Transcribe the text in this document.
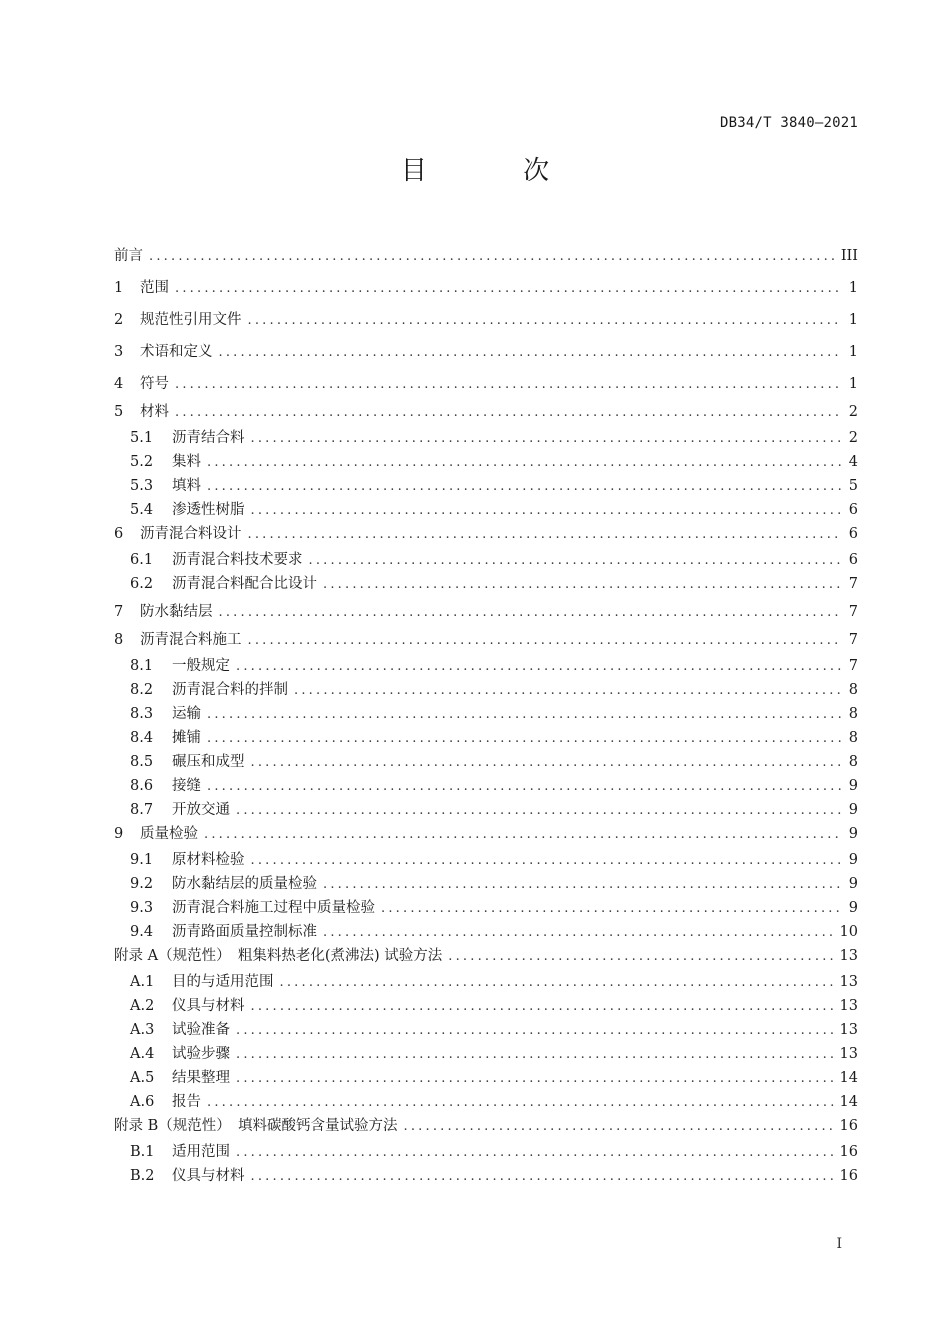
DB34/T 3840—2021
目 次
前言 .....	III
1	范围 .....	1
2	规范性引用文件 .....	1
3	术语和定义 .....	1
4	符号 .....	1
5	材料 .....	2
5.1	沥青结合料 .....	2
5.2	集料 .....	4
5.3	填料 .....	5
5.4	渗透性树脂 .....	6
6	沥青混合料设计 .....	6
6.1	沥青混合料技术要求 .....	6
6.2	沥青混合料配合比设计 .....	7
7	防水黏结层 .....	7
8	沥青混合料施工 .....	7
8.1	一般规定 .....	7
8.2	沥青混合料的拌制 .....	8
8.3	运输 .....	8
8.4	摊铺 .....	8
8.5	碾压和成型 .....	8
8.6	接缝 .....	9
8.7	开放交通 .....	9
9	质量检验 .....	9
9.1	原材料检验 .....	9
9.2	防水黏结层的质量检验 .....	9
9.3	沥青混合料施工过程中质量检验 .....	9
9.4	沥青路面质量控制标准 .....	10
附录 A（规范性）　粗集料热老化(煮沸法) 试验方法 .....	13
A.1	目的与适用范围 .....	13
A.2	仪具与材料 .....	13
A.3	试验准备 .....	13
A.4	试验步骤 .....	13
A.5	结果整理 .....	14
A.6	报告 .....	14
附录 B（规范性）　填料碳酸钙含量试验方法 .....	16
B.1	适用范围 .....	16
B.2	仪具与材料 .....	16
I
